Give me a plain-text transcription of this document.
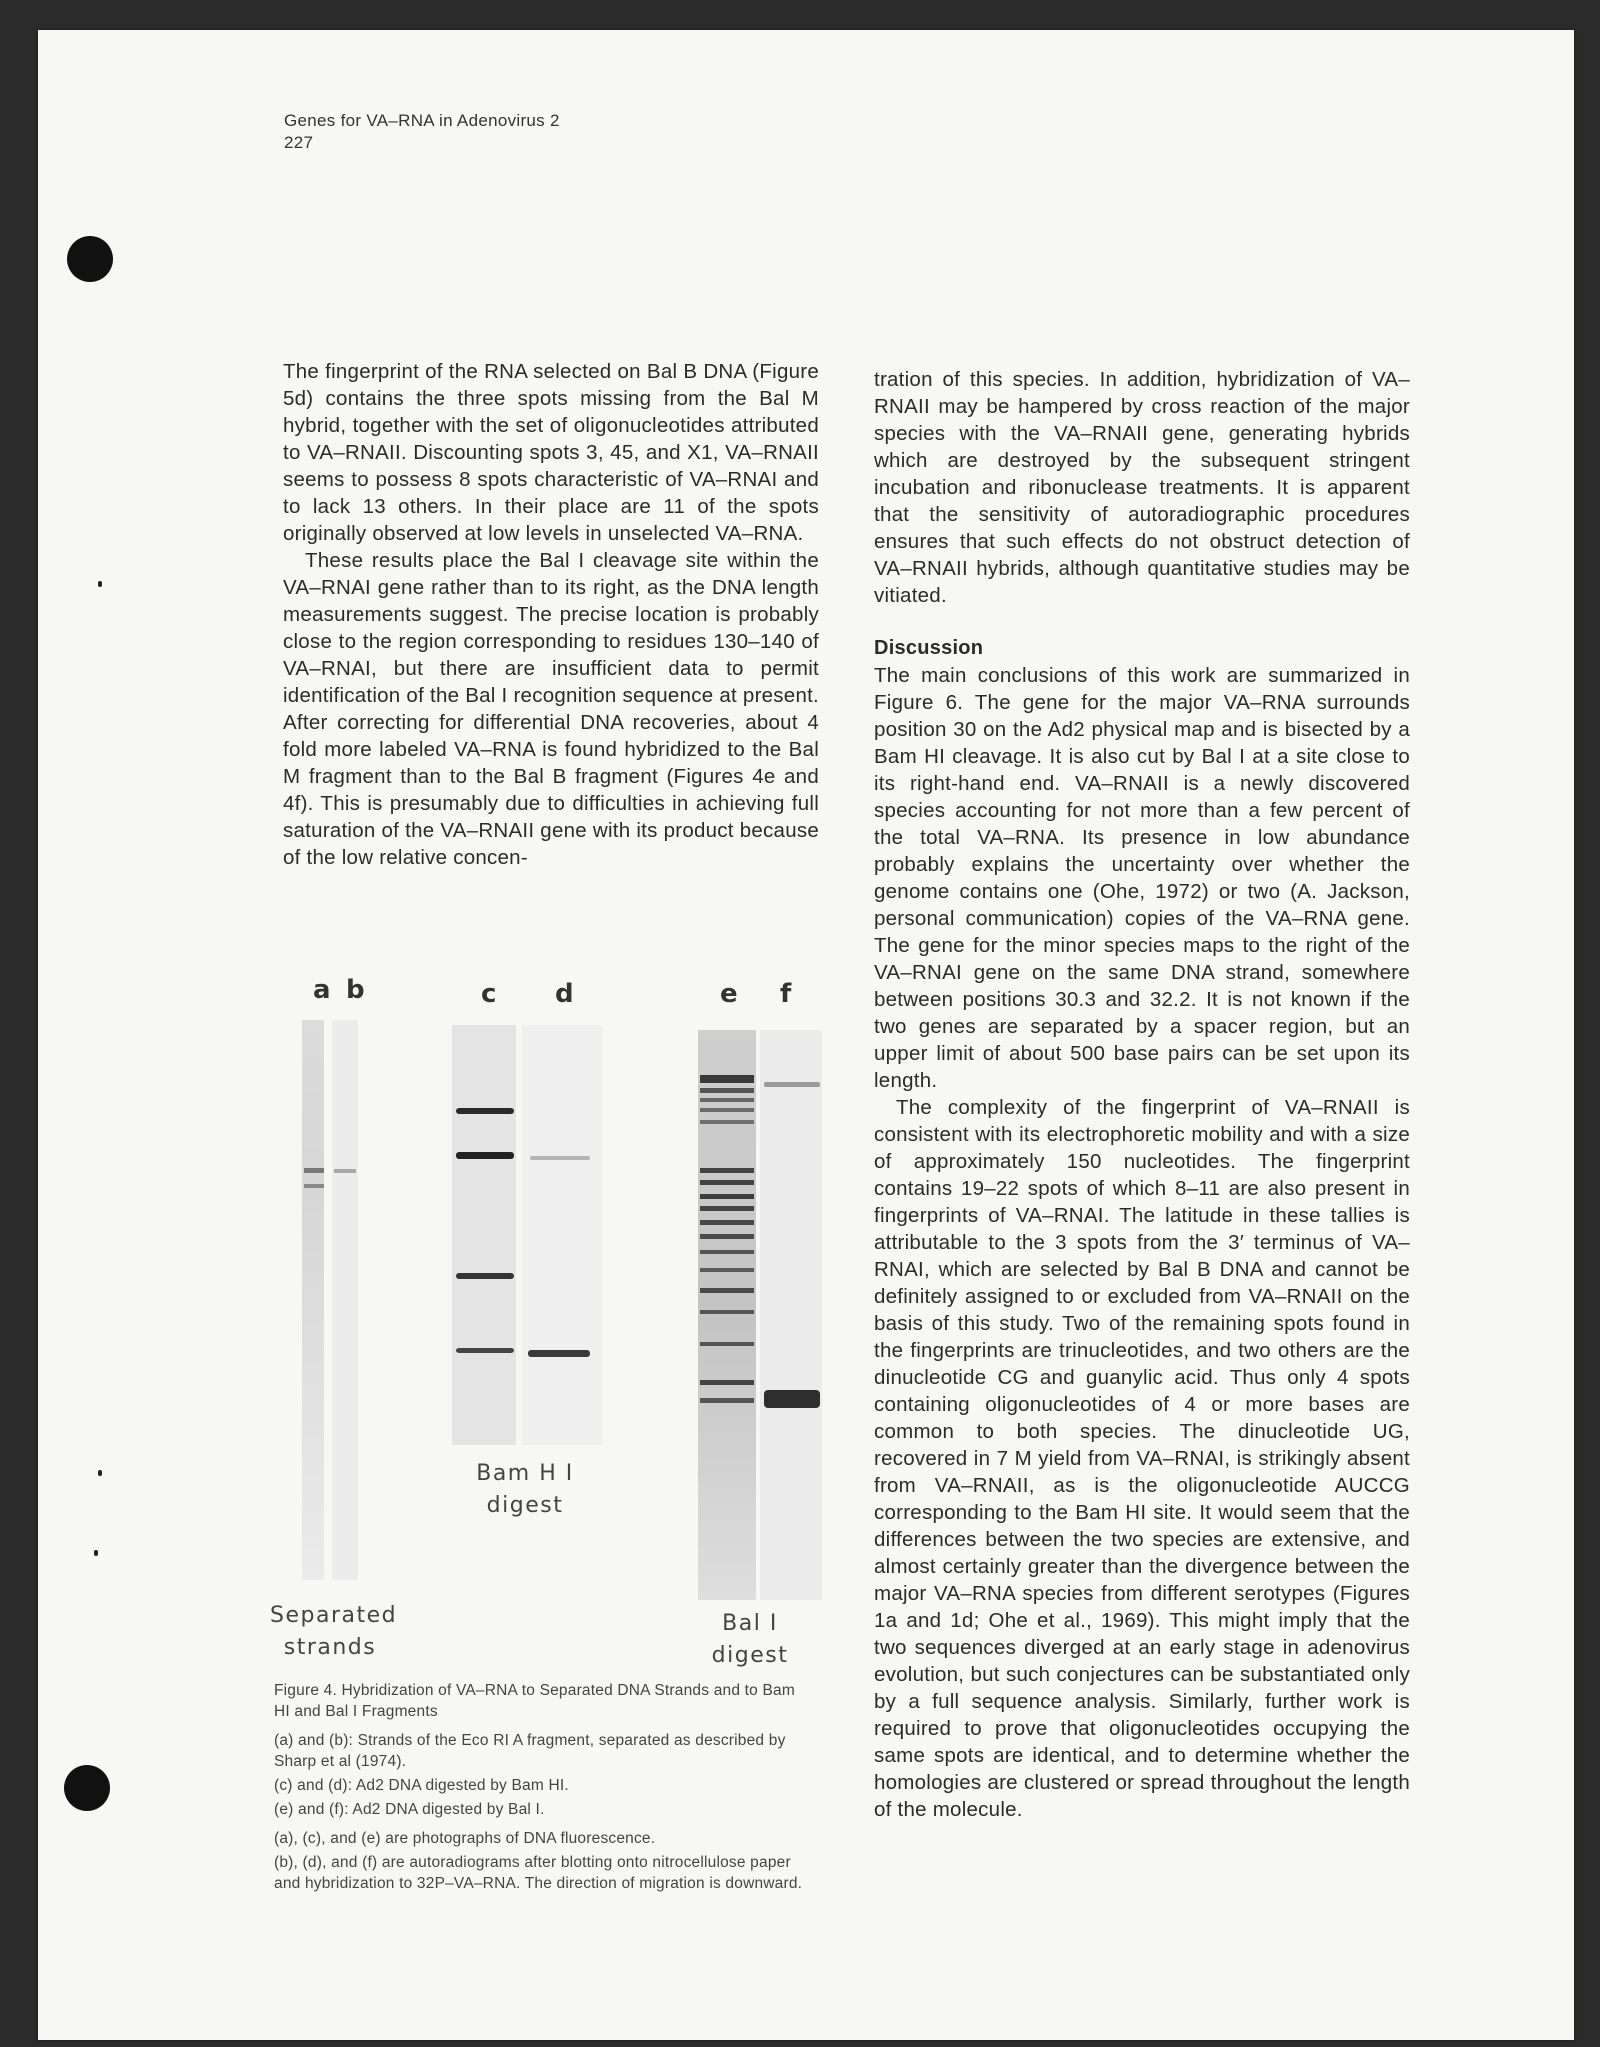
Genes for VA–RNA in Adenovirus 2
227

The fingerprint of the RNA selected on Bal B DNA (Figure 5d) contains the three spots missing from the Bal M hybrid, together with the set of oligonucleotides attributed to VA–RNAII. Discounting spots 3, 45, and X1, VA–RNAII seems to possess 8 spots characteristic of VA–RNAI and to lack 13 others. In their place are 11 of the spots originally observed at low levels in unselected VA–RNA.

These results place the Bal I cleavage site within the VA–RNAI gene rather than to its right, as the DNA length measurements suggest. The precise location is probably close to the region corresponding to residues 130–140 of VA–RNAI, but there are insufficient data to permit identification of the Bal I recognition sequence at present. After correcting for differential DNA recoveries, about 4 fold more labeled VA–RNA is found hybridized to the Bal M fragment than to the Bal B fragment (Figures 4e and 4f). This is presumably due to difficulties in achieving full saturation of the VA–RNAII gene with its product because of the low relative concen-

tration of this species. In addition, hybridization of VA–RNAII may be hampered by cross reaction of the major species with the VA–RNAII gene, generating hybrids which are destroyed by the subsequent stringent incubation and ribonuclease treatments. It is apparent that the sensitivity of autoradiographic procedures ensures that such effects do not obstruct detection of VA–RNAII hybrids, although quantitative studies may be vitiated.

Discussion

The main conclusions of this work are summarized in Figure 6. The gene for the major VA–RNA surrounds position 30 on the Ad2 physical map and is bisected by a Bam HI cleavage. It is also cut by Bal I at a site close to its right-hand end. VA–RNAII is a newly discovered species accounting for not more than a few percent of the total VA–RNA. Its presence in low abundance probably explains the uncertainty over whether the genome contains one (Ohe, 1972) or two (A. Jackson, personal communication) copies of the VA–RNA gene. The gene for the minor species maps to the right of the VA–RNAI gene on the same DNA strand, somewhere between positions 30.3 and 32.2. It is not known if the two genes are separated by a spacer region, but an upper limit of about 500 base pairs can be set upon its length.

The complexity of the fingerprint of VA–RNAII is consistent with its electrophoretic mobility and with a size of approximately 150 nucleotides. The fingerprint contains 19–22 spots of which 8–11 are also present in fingerprints of VA–RNAI. The latitude in these tallies is attributable to the 3 spots from the 3′ terminus of VA–RNAI, which are selected by Bal B DNA and cannot be definitely assigned to or excluded from VA–RNAII on the basis of this study. Two of the remaining spots found in the fingerprints are trinucleotides, and two others are the dinucleotide CG and guanylic acid. Thus only 4 spots containing oligonucleotides of 4 or more bases are common to both species. The dinucleotide UG, recovered in 7 M yield from VA–RNAI, is strikingly absent from VA–RNAII, as is the oligonucleotide AUCCG corresponding to the Bam HI site. It would seem that the differences between the two species are extensive, and almost certainly greater than the divergence between the major VA–RNA species from different serotypes (Figures 1a and 1d; Ohe et al., 1969). This might imply that the two sequences diverged at an early stage in adenovirus evolution, but such conjectures can be substantiated only by a full sequence analysis. Similarly, further work is required to prove that oligonucleotides occupying the same spots are identical, and to determine whether the homologies are clustered or spread throughout the length of the molecule.

a b	c d	e f
Separated strands
Bam H I digest
Bal I digest

Figure 4. Hybridization of VA–RNA to Separated DNA Strands and to Bam HI and Bal I Fragments

(a) and (b): Strands of the Eco RI A fragment, separated as described by Sharp et al (1974).

(c) and (d): Ad2 DNA digested by Bam HI.

(e) and (f): Ad2 DNA digested by Bal I.

(a), (c), and (e) are photographs of DNA fluorescence.

(b), (d), and (f) are autoradiograms after blotting onto nitrocellulose paper and hybridization to 32P–VA–RNA. The direction of migration is downward.
